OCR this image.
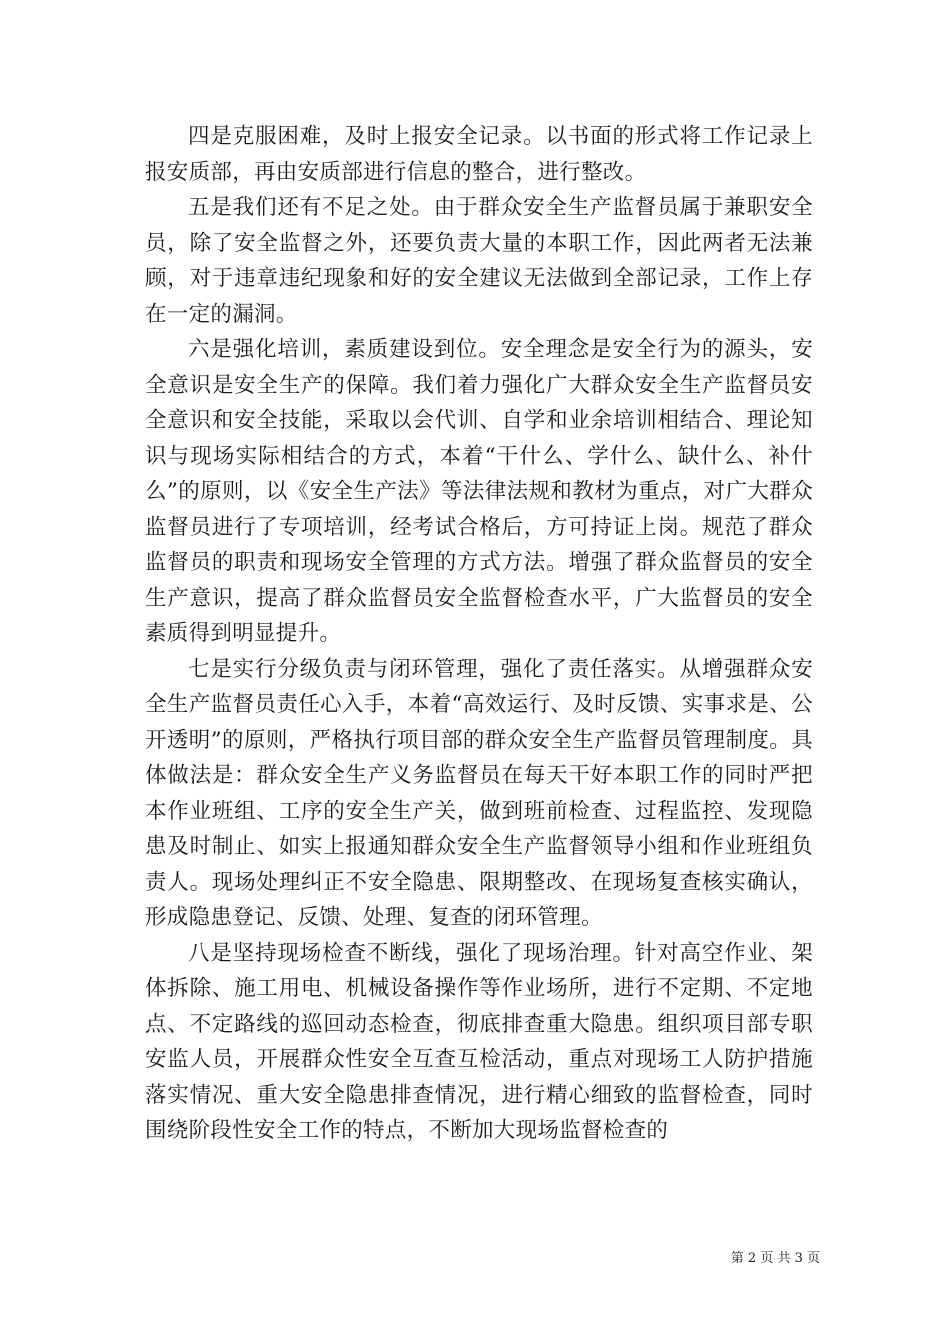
四是克服困难，及时上报安全记录。以书面的形式将工作记录上报安质部，再由安质部进行信息的整合，进行整改。

五是我们还有不足之处。由于群众安全生产监督员属于兼职安全员，除了安全监督之外，还要负责大量的本职工作，因此两者无法兼顾，对于违章违纪现象和好的安全建议无法做到全部记录，工作上存在一定的漏洞。

六是强化培训，素质建设到位。安全理念是安全行为的源头，安全意识是安全生产的保障。我们着力强化广大群众安全生产监督员安全意识和安全技能，采取以会代训、自学和业余培训相结合、理论知识与现场实际相结合的方式，本着“干什么、学什么、缺什么、补什么”的原则，以《安全生产法》等法律法规和教材为重点，对广大群众监督员进行了专项培训，经考试合格后，方可持证上岗。规范了群众监督员的职责和现场安全管理的方式方法。增强了群众监督员的安全生产意识，提高了群众监督员安全监督检查水平，广大监督员的安全素质得到明显提升。

七是实行分级负责与闭环管理，强化了责任落实。从增强群众安全生产监督员责任心入手，本着“高效运行、及时反馈、实事求是、公开透明”的原则，严格执行项目部的群众安全生产监督员管理制度。具体做法是：群众安全生产义务监督员在每天干好本职工作的同时严把本作业班组、工序的安全生产关，做到班前检查、过程监控、发现隐患及时制止、如实上报通知群众安全生产监督领导小组和作业班组负责人。现场处理纠正不安全隐患、限期整改、在现场复查核实确认，形成隐患登记、反馈、处理、复查的闭环管理。

八是坚持现场检查不断线，强化了现场治理。针对高空作业、架体拆除、施工用电、机械设备操作等作业场所，进行不定期、不定地点、不定路线的巡回动态检查，彻底排查重大隐患。组织项目部专职安监人员，开展群众性安全互查互检活动，重点对现场工人防护措施落实情况、重大安全隐患排查情况，进行精心细致的监督检查，同时围绕阶段性安全工作的特点，不断加大现场监督检查的

第 2 页 共 3 页
